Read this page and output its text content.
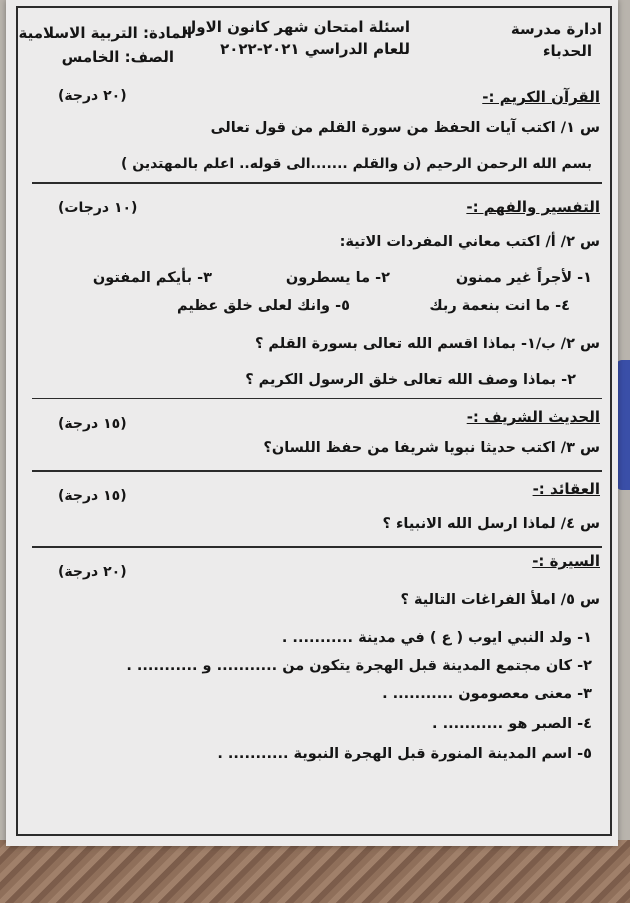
ادارة مدرسة
الحدباء
اسئلة امتحان شهر كانون الاول
للعام الدراسي ٢٠٢١-٢٠٢٢
المادة: التربية الاسلامية
الصف: الخامس
القرآن الكريم :-
(٢٠ درجة)
س ١/ اكتب آيات الحفظ من سورة القلم من قول تعالى
بسم الله الرحمن الرحيم (ن والقلم .......الى قوله.. اعلم بالمهتدين )
التفسير والفهم :-
(١٠ درجات)
س ٢/ أ/ اكتب معاني المفردات الاتية:
١- لأجراً غير ممنون
٢- ما يسطرون
٣- بأيكم المفتون
٤- ما انت بنعمة ربك
٥- وانك لعلى خلق عظيم
س ٢/ ب/١- بماذا اقسم الله تعالى بسورة القلم ؟
٢- بماذا وصف الله تعالى خلق الرسول الكريم ؟
الحديث الشريف :-
(١٥ درجة)
س ٣/ اكتب حديثا نبويا شريفا من حفظ اللسان؟
العقائد :-
(١٥ درجة)
س ٤/ لماذا ارسل الله الانبياء ؟
السيرة :-
(٢٠ درجة)
س ٥/ املأ الفراغات التالية ؟
١- ولد النبي ايوب ( ع ) في مدينة ........... .
٢- كان مجتمع المدينة قبل الهجرة يتكون من ........... و ........... .
٣- معنى معصومون ........... .
٤- الصبر هو ........... .
٥- اسم المدينة المنورة قبل الهجرة النبوية ........... .
